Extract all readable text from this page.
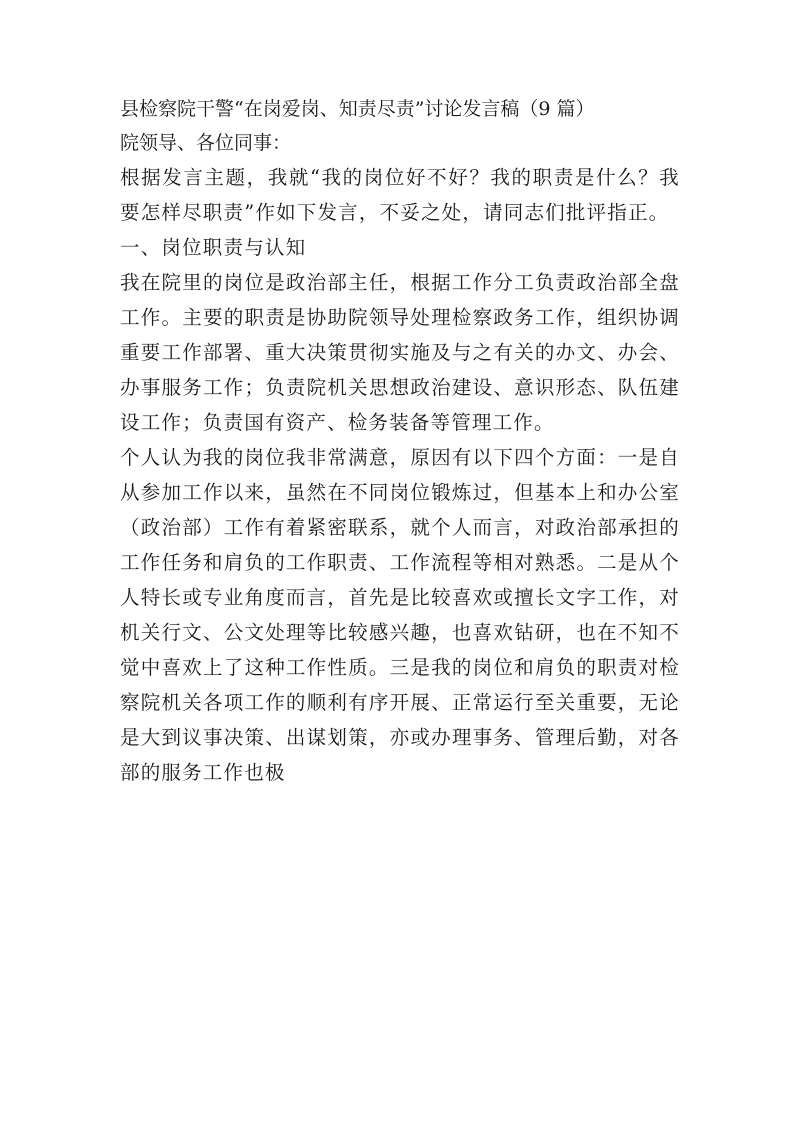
县检察院干警“在岗爱岗、知责尽责”讨论发言稿（9 篇）

院领导、各位同事：

根据发言主题，我就“我的岗位好不好？我的职责是什么？我要怎样尽职责”作如下发言，不妥之处，请同志们批评指正。

一、岗位职责与认知

我在院里的岗位是政治部主任，根据工作分工负责政治部全盘工作。主要的职责是协助院领导处理检察政务工作，组织协调重要工作部署、重大决策贯彻实施及与之有关的办文、办会、办事服务工作；负责院机关思想政治建设、意识形态、队伍建设工作；负责国有资产、检务装备等管理工作。

个人认为我的岗位我非常满意，原因有以下四个方面：一是自从参加工作以来，虽然在不同岗位锻炼过，但基本上和办公室（政治部）工作有着紧密联系，就个人而言，对政治部承担的工作任务和肩负的工作职责、工作流程等相对熟悉。二是从个人特长或专业角度而言，首先是比较喜欢或擅长文字工作，对机关行文、公文处理等比较感兴趣，也喜欢钻研，也在不知不觉中喜欢上了这种工作性质。三是我的岗位和肩负的职责对检察院机关各项工作的顺利有序开展、正常运行至关重要，无论是大到议事决策、出谋划策，亦或办理事务、管理后勤，对各部的服务工作也极
